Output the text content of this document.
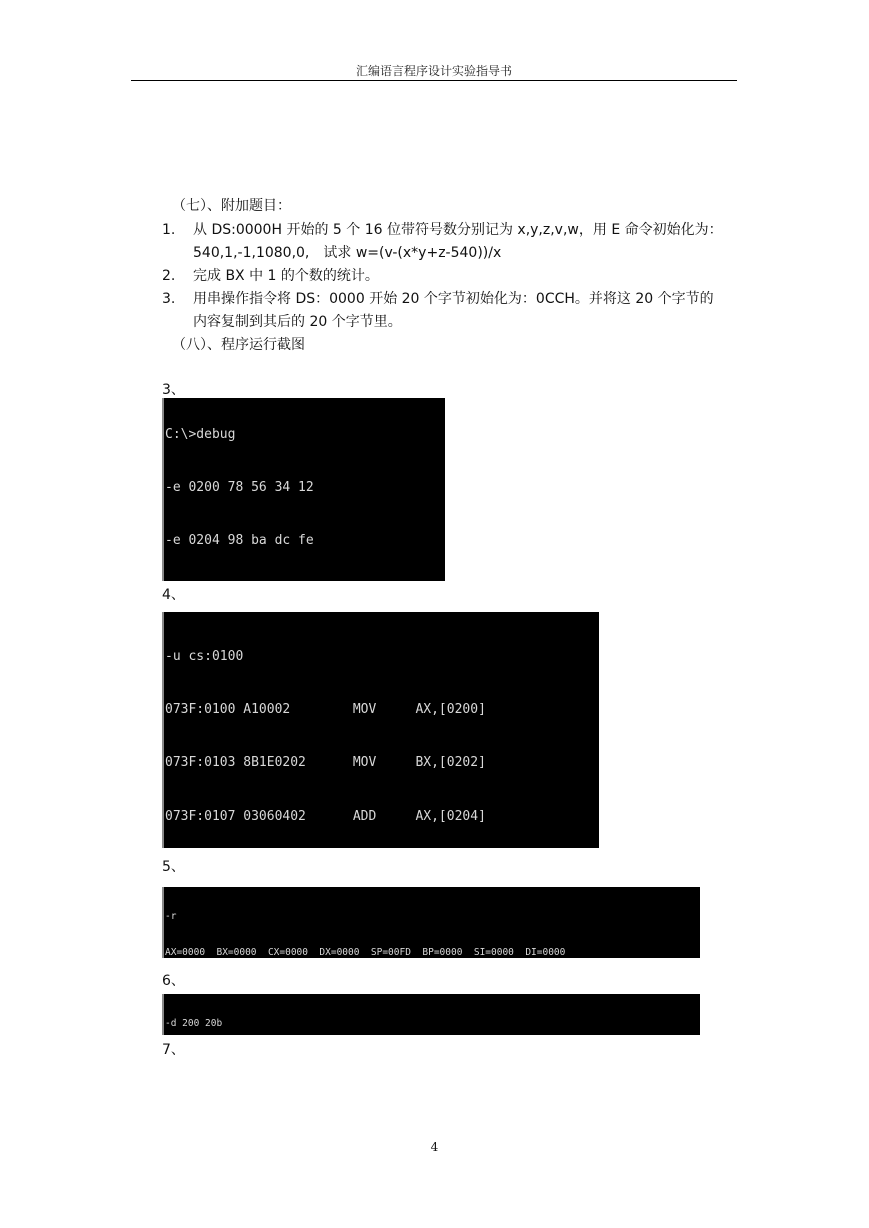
汇编语言程序设计实验指导书
（七）、附加题目：
1. 从 DS:0000H 开始的 5 个 16 位带符号数分别记为 x,y,z,v,w，用 E 命令初始化为：
540,1,-1,1080,0,　试求 w=(v-(x*y+z-540))/x
2. 完成 BX 中 1 的个数的统计。
3. 用串操作指令将 DS：0000 开始 20 个字节初始化为：0CCH。并将这 20 个字节的
内容复制到其后的 20 个字节里。
（八）、程序运行截图
3、

C:\>debug

-e 0200 78 56 34 12

-e 0204 98 ba dc fe

4、

-u cs:0100

073F:0100 A10002        MOV     AX,[0200]

073F:0103 8B1E0202      MOV     BX,[0202]

073F:0107 03060402      ADD     AX,[0204]

5、

-r

AX=0000  BX=0000  CX=0000  DX=0000  SP=00FD  BP=0000  SI=0000  DI=0000

6、

-d 200 20b

7、
4
